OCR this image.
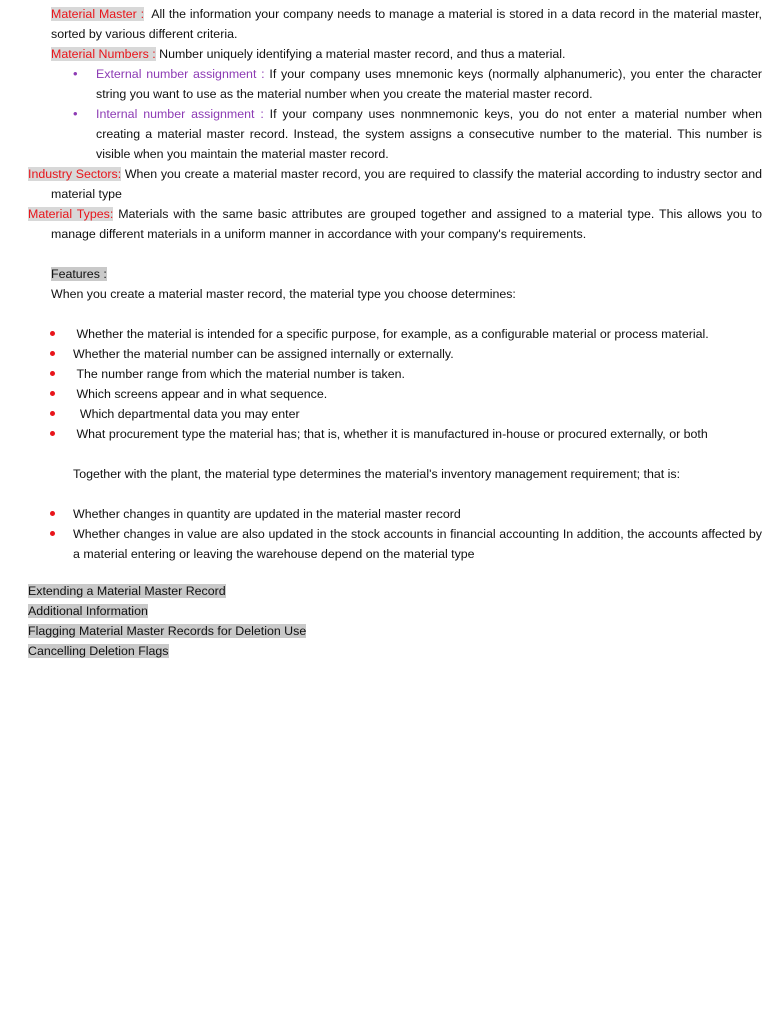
Material Master : All the information your company needs to manage a material is stored in a data record in the material master, sorted by various different criteria.

Material Numbers : Number uniquely identifying a material master record, and thus a material.

• External number assignment : If your company uses mnemonic keys (normally alphanumeric), you enter the character string you want to use as the material number when you create the material master record.
• Internal number assignment : If your company uses nonmnemonic keys, you do not enter a material number when creating a material master record. Instead, the system assigns a consecutive number to the material. This number is visible when you maintain the material master record.

Industry Sectors: When you create a material master record, you are required to classify the material according to industry sector and material type

Material Types: Materials with the same basic attributes are grouped together and assigned to a material type. This allows you to manage different materials in a uniform manner in accordance with your company's requirements.

Features :

When you create a material master record, the material type you choose determines:

Whether the material is intended for a specific purpose, for example, as a configurable material or process material.
Whether the material number can be assigned internally or externally.
The number range from which the material number is taken.
Which screens appear and in what sequence.
Which departmental data you may enter
What procurement type the material has; that is, whether it is manufactured in-house or procured externally, or both

Together with the plant, the material type determines the material's inventory management requirement; that is:

Whether changes in quantity are updated in the material master record
Whether changes in value are also updated in the stock accounts in financial accounting In addition, the accounts affected by a material entering or leaving the warehouse depend on the material type
Extending a Material Master Record
Additional Information
Flagging Material Master Records for Deletion Use
Cancelling Deletion Flags
